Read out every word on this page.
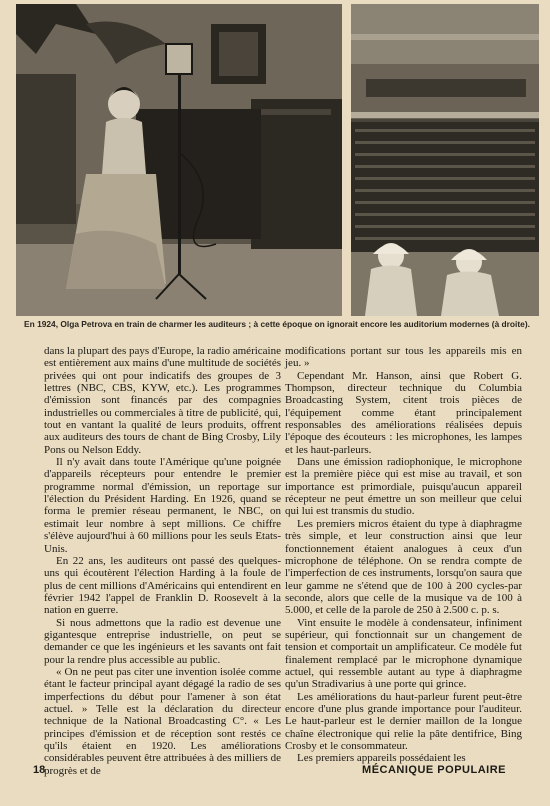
En 1924, Olga Petrova en train de charmer les auditeurs ; à cette époque on ignorait encore les auditorium modernes (à droite).

dans la plupart des pays d'Europe, la radio américaine est entièrement aux mains d'une multitude de sociétés privées qui ont pour indicatifs des groupes de 3 lettres (NBC, CBS, KYW, etc.). Les programmes d'émission sont financés par des compagnies industrielles ou commerciales à titre de publicité, qui, tout en vantant la qualité de leurs produits, offrent aux auditeurs des tours de chant de Bing Crosby, Lily Pons ou Nelson Eddy.

Il n'y avait dans toute l'Amérique qu'une poignée d'appareils récepteurs pour entendre le premier programme normal d'émission, un reportage sur l'élection du Président Harding. En 1926, quand se forma le premier réseau permanent, le NBC, on estimait leur nombre à sept millions. Ce chiffre s'élève aujourd'hui à 60 millions pour les seuls Etats-Unis.

En 22 ans, les auditeurs ont passé des quelques-uns qui écoutèrent l'élection Harding à la foule de plus de cent millions d'Américains qui entendirent en février 1942 l'appel de Franklin D. Roosevelt à la nation en guerre.

Si nous admettons que la radio est devenue une gigantesque entreprise industrielle, on peut se demander ce que les ingénieurs et les savants ont fait pour la rendre plus accessible au public.

« On ne peut pas citer une invention isolée comme étant le facteur principal ayant dégagé la radio de ses imperfections du début pour l'amener à son état actuel. » Telle est la déclaration du directeur technique de la National Broadcasting C°. « Les principes d'émission et de réception sont restés ce qu'ils étaient en 1920. Les améliorations considérables peuvent être attribuées à des milliers de progrès et de

modifications portant sur tous les appareils mis en jeu. »

Cependant Mr. Hanson, ainsi que Robert G. Thompson, directeur technique du Columbia Broadcasting System, citent trois pièces de l'équipement comme étant principalement responsables des améliorations réalisées depuis l'époque des écouteurs : les microphones, les lampes et les haut-parleurs.

Dans une émission radiophonique, le microphone est la première pièce qui est mise au travail, et son importance est primordiale, puisqu'aucun appareil récepteur ne peut émettre un son meilleur que celui qui lui est transmis du studio.

Les premiers micros étaient du type à diaphragme très simple, et leur construction ainsi que leur fonctionnement étaient analogues à ceux d'un microphone de téléphone. On se rendra compte de l'imperfection de ces instruments, lorsqu'on saura que leur gamme ne s'étend que de 100 à 200 cycles-par seconde, alors que celle de la musique va de 100 à 5.000, et celle de la parole de 250 à 2.500 c. p. s.

Vint ensuite le modèle à condensateur, infiniment supérieur, qui fonctionnait sur un changement de tension et comportait un amplificateur. Ce modèle fut finalement remplacé par le microphone dynamique actuel, qui ressemble autant au type à diaphragme qu'un Stradivarius à une porte qui grince.

Les améliorations du haut-parleur furent peut-être encore d'une plus grande importance pour l'auditeur. Le haut-parleur est le dernier maillon de la longue chaîne électronique qui relie la pâte dentifrice, Bing Crosby et le consommateur.

Les premiers appareils possédaient les

18	MÉCANIQUE POPULAIRE
